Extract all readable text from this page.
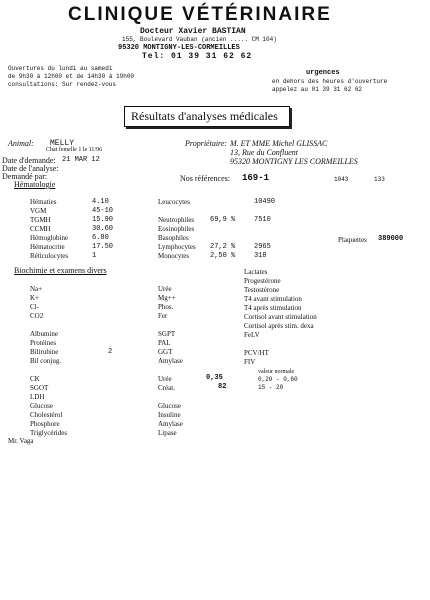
CLINIQUE VÉTÉRINAIRE
Docteur Xavier BASTIAN
155, Boulevard Vauban (ancien ..... CM 104)
95320 MONTIGNY-LES-CORMEILLES
Tel: 01 39 31 62 62
Ouvertures du lundi au samedi
de 9h30 à 12h00 et de 14h30 à 19h00
consultations: Sur rendez-vous
urgences
en dehors des heures d'ouverture
appelez au 01 39 31 62 62
Résultats d'analyses médicales
Animal: MELLY
Chat femelle 1 le 11/96
Date d'demande: 21 MAR 12
Date de l'analyse:
Demandé par:
Hématologie
Propriétaire: M. ET MME Michel GLISSAC
13, Rue du Confluent
95320 MONTIGNY LES CORMEILLES
Nos références: 169-1	1043	133
Hématies	4.10
VGM	45-10
TGMH	15.90
CCMH	30.60
Hémoglobine	6.80
Hématocrite	17.50
Réticulocytes	1
Leucocytes	10490
Neutrophiles 69,9 %	7510
Eosinophiles
Basophiles
Lymphocytes 27,2 %	2965
Monocytes	2,50 %	318
Plaquettes 389000
Biochimie et examens divers
Na+
K+
Cl-
CO2
Albumine
Protéines
Bilirubine	2
Bil conjug.
CK
SGOT
LDH
Glucose
Cholestérol
Phosphore
Triglycérides
Urée
Mg++
Phos.
Fer
SGPT
PAL
GGT
Amylase
Urée	0,35
Créat.	82
Glucose
Insuline
Amylase
Lipase
Lactates
Progestérone
Testostérone
T4 avant stimulation
T4 après stimulation
Cortisol avant stimulation
Cortisol après stim. dexa
FeLV
PCV/HT
FIV
valeur normale
0,20 - 0,60
15 - 20
Mr. Vaga
